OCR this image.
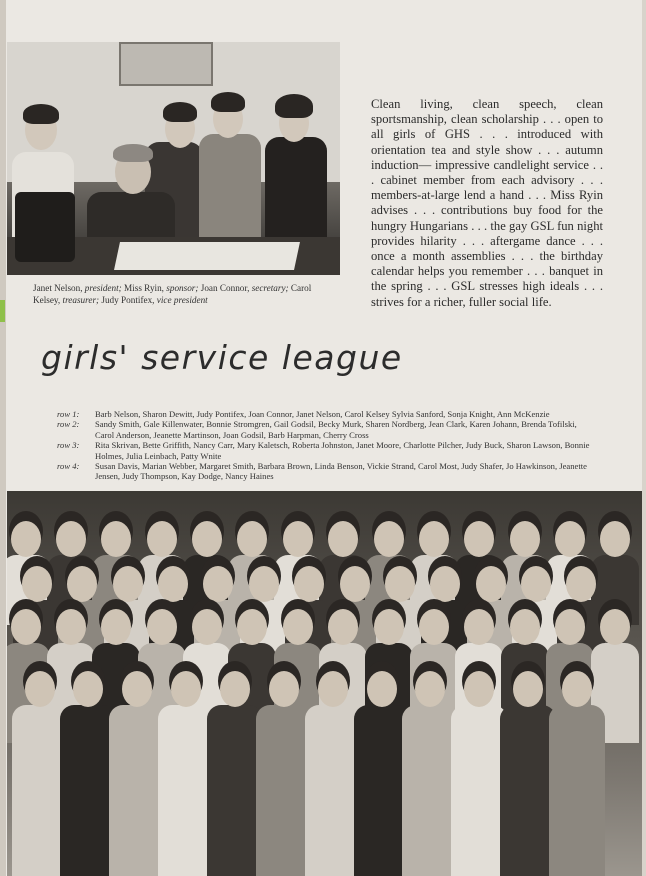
Janet Nelson, president; Miss Ryin, sponsor; Joan Connor, secretary; Carol Kelsey, treasurer; Judy Pontifex, vice president
Clean living, clean speech, clean sportsmanship, clean scholarship . . . open to all girls of GHS . . . introduced with orientation tea and style show . . . autumn induction— impressive candlelight service . . . cabinet member from each advisory . . . members-at-large lend a hand . . . Miss Ryin advises . . . contributions buy food for the hungry Hungarians . . . the gay GSL fun night provides hilarity . . . aftergame dance . . . once a month assemblies . . . the birthday calendar helps you remember . . . banquet in the spring . . . GSL stresses high ideals . . . strives for a richer, fuller social life.
girls' service league
row 1:	Barb Nelson, Sharon Dewitt, Judy Pontifex, Joan Connor, Janet Nelson, Carol Kelsey Sylvia Sanford, Sonja Knight, Ann McKenzie
row 2:	Sandy Smith, Gale Killenwater, Bonnie Stromgren, Gail Godsil, Becky Murk, Sharen Nordberg, Jean Clark, Karen Johann, Brenda Tofilski, Carol Anderson, Jeanette Martinson, Joan Godsil, Barb Harpman, Cherry Cross
row 3:	Rita Skrivan, Bette Griffith, Nancy Carr, Mary Kaletsch, Roberta Johnston, Janet Moore, Charlotte Pilcher, Judy Buck, Sharon Lawson, Bonnie Holmes, Julia Leinbach, Patty Wnite
row 4:	Susan Davis, Marian Webber, Margaret Smith, Barbara Brown, Linda Benson, Vickie Strand, Carol Most, Judy Shafer, Jo Hawkinson, Jeanette Jensen, Judy Thompson, Kay Dodge, Nancy Haines
